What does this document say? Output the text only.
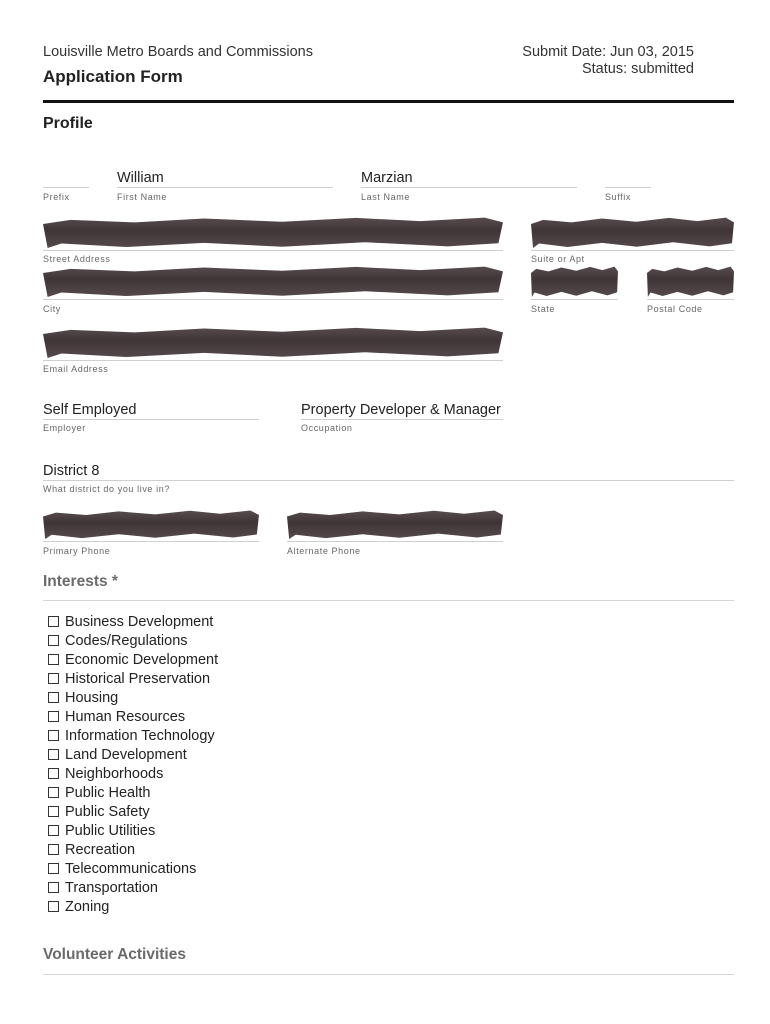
Louisville Metro Boards and Commissions
Application Form
Submit Date: Jun 03, 2015
Status: submitted
Profile
Prefix
William
First Name
Marzian
Last Name	Suffix
Street Address	Suite or Apt
City	State	Postal Code
Email Address
Self Employed
Employer
Property Developer & Manager
Occupation
District 8
What district do you live in?
Primary Phone	Alternate Phone
Interests *
Business Development
Codes/Regulations
Economic Development
Historical Preservation
Housing
Human Resources
Information Technology
Land Development
Neighborhoods
Public Health
Public Safety
Public Utilities
Recreation
Telecommunications
Transportation
Zoning
Volunteer Activities
